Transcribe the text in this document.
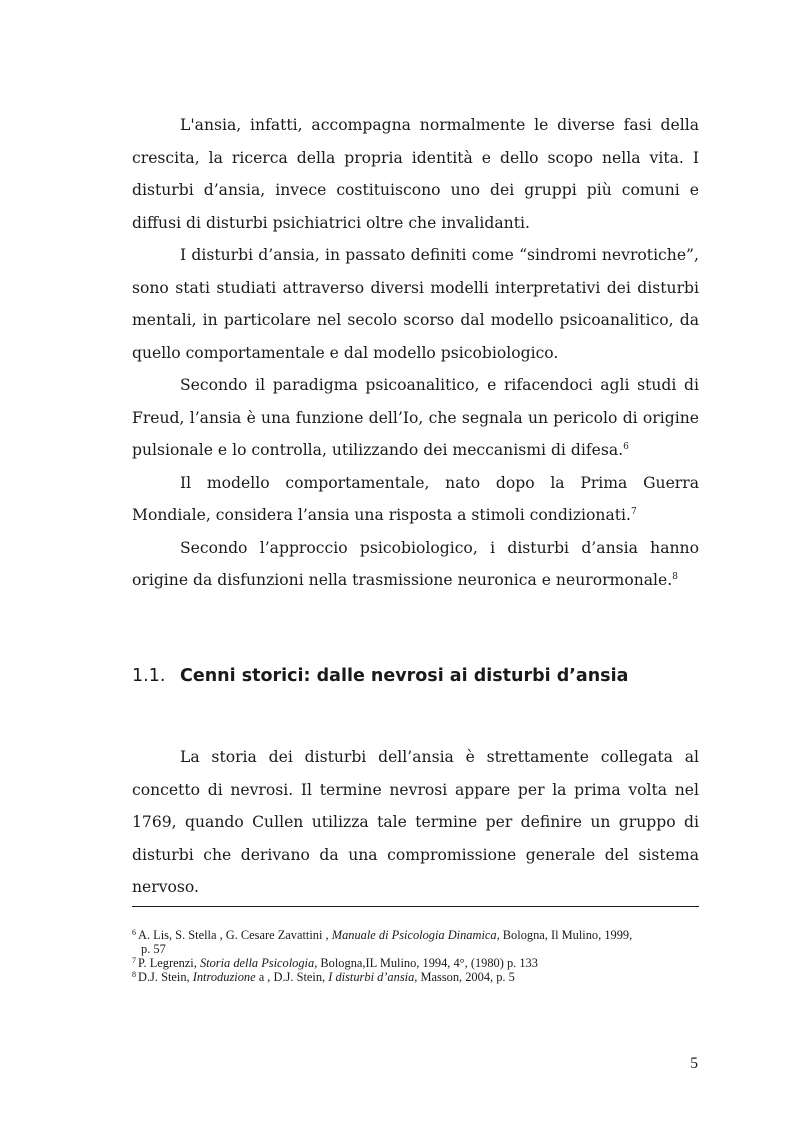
L'ansia, infatti, accompagna normalmente le diverse fasi della crescita, la ricerca della propria identità e dello scopo nella vita. I disturbi d’ansia, invece costituiscono uno dei gruppi più comuni e diffusi di disturbi psichiatrici oltre che invalidanti.

I disturbi d’ansia, in passato definiti come “sindromi nevrotiche”, sono stati studiati attraverso diversi modelli interpretativi dei disturbi mentali, in particolare nel secolo scorso dal modello psicoanalitico, da quello comportamentale e dal modello psicobiologico.

Secondo il paradigma psicoanalitico, e rifacendoci agli studi di Freud, l’ansia è una funzione dell’Io, che segnala un pericolo di origine pulsionale e lo controlla, utilizzando dei meccanismi di difesa.$^6$

Il modello comportamentale, nato dopo la Prima Guerra Mondiale, considera l’ansia una risposta a stimoli condizionati.$^7$

Secondo l’approccio psicobiologico, i disturbi d’ansia hanno origine da disfunzioni nella trasmissione neuronica e neurormonale.$^8$

1.1. Cenni storici: dalle nevrosi ai disturbi d’ansia

La storia dei disturbi dell’ansia è strettamente collegata al concetto di nevrosi. Il termine nevrosi appare per la prima volta nel 1769, quando Cullen utilizza tale termine per definire un gruppo di disturbi che derivano da una compromissione generale del sistema nervoso.

$^6$ A. Lis, S. Stella , G. Cesare Zavattini , Manuale di Psicologia Dinamica, Bologna, Il Mulino, 1999,
p. 57

$^7$ P. Legrenzi, Storia della Psicologia, Bologna,IL Mulino, 1994, 4°, (1980) p. 133

$^8$ D.J. Stein, Introduzione a , D.J. Stein, I disturbi d’ansia, Masson, 2004, p. 5

5
